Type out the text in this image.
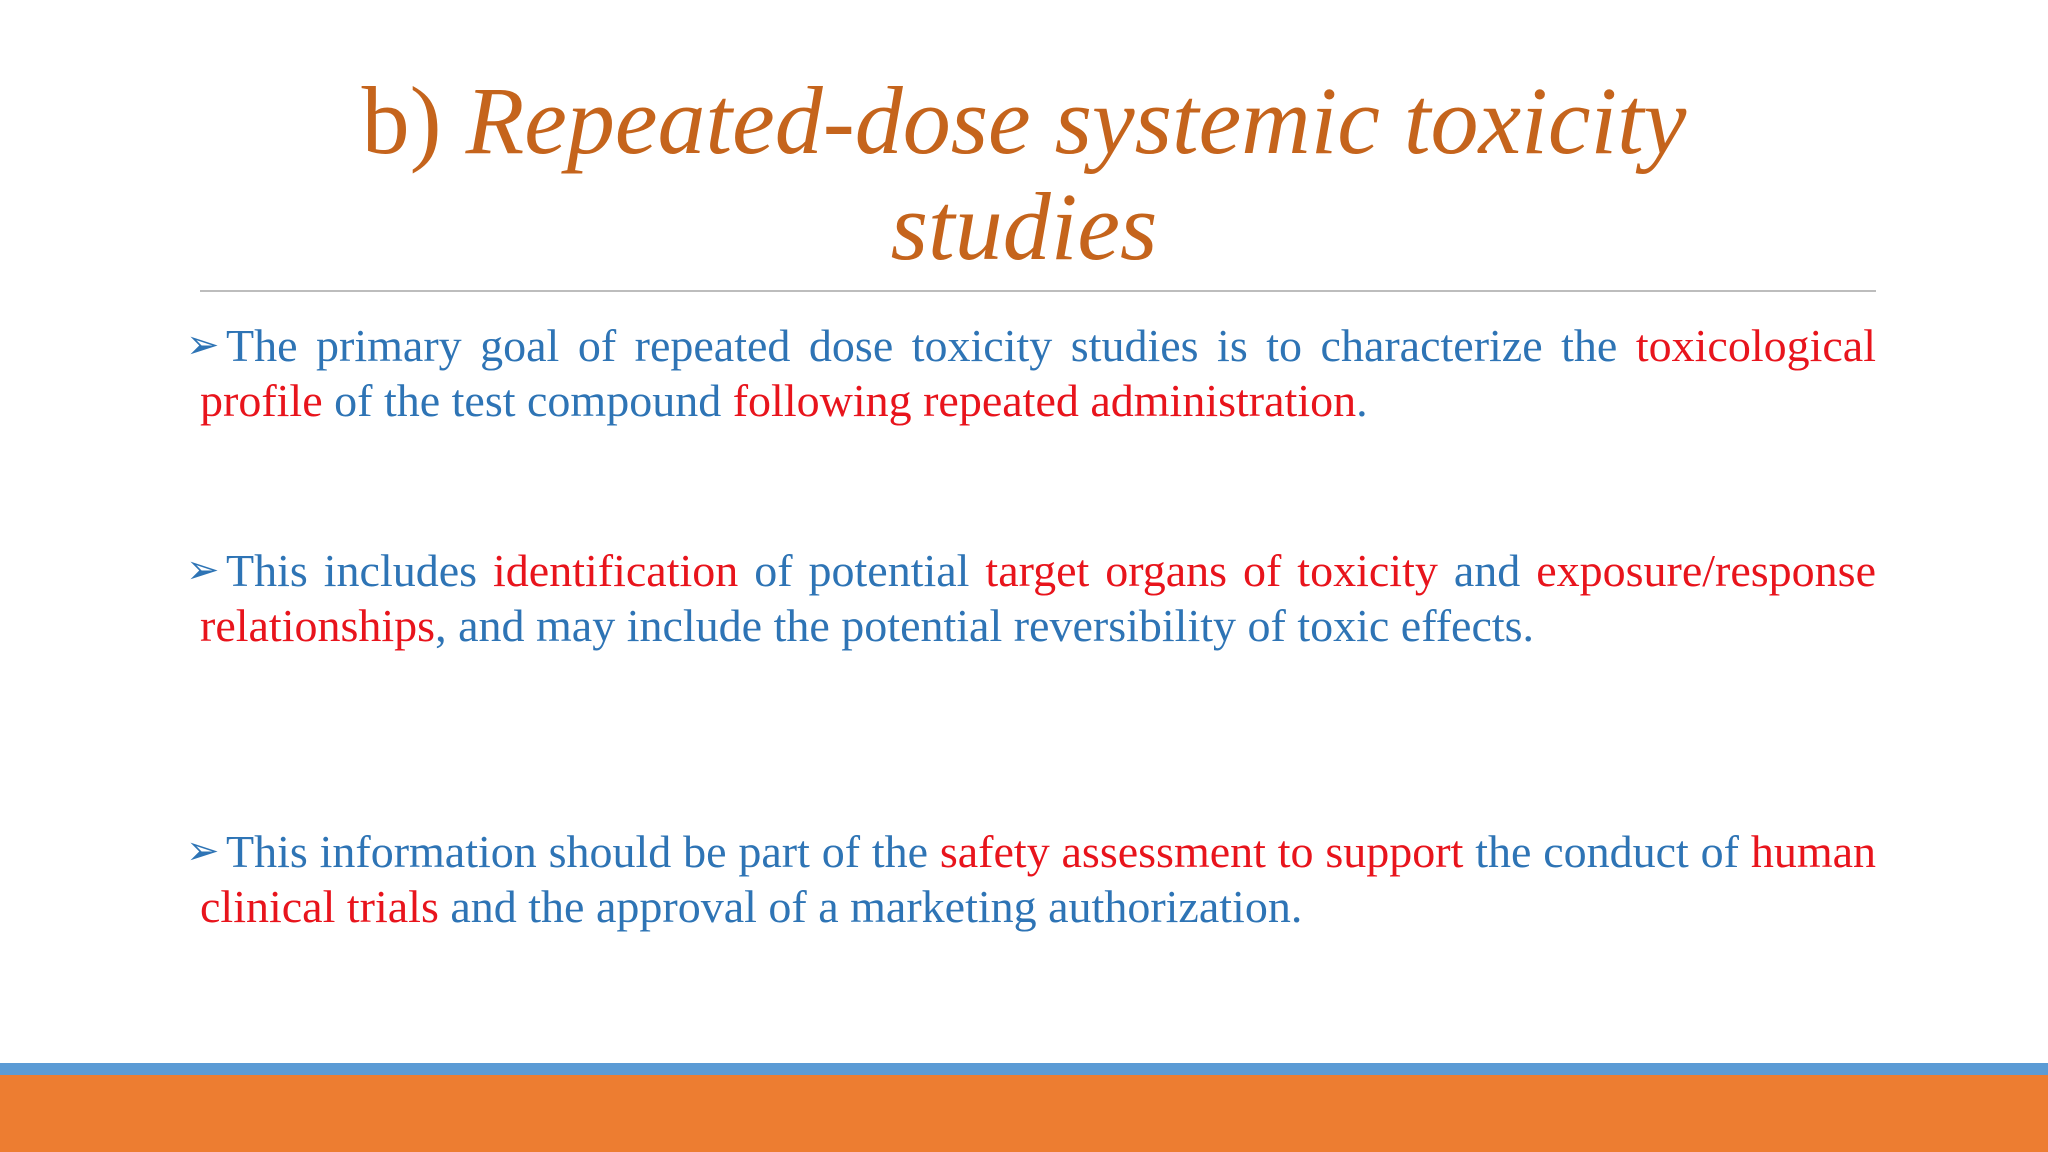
b) Repeated-dose systemic toxicity
studies
➢ The primary goal of repeated dose toxicity studies is to characterize the toxicological profile of the test compound following repeated administration.
➢ This includes identification of potential target organs of toxicity and exposure/response relationships, and may include the potential reversibility of toxic effects.
➢ This information should be part of the safety assessment to support the conduct of human clinical trials and the approval of a marketing authorization.
